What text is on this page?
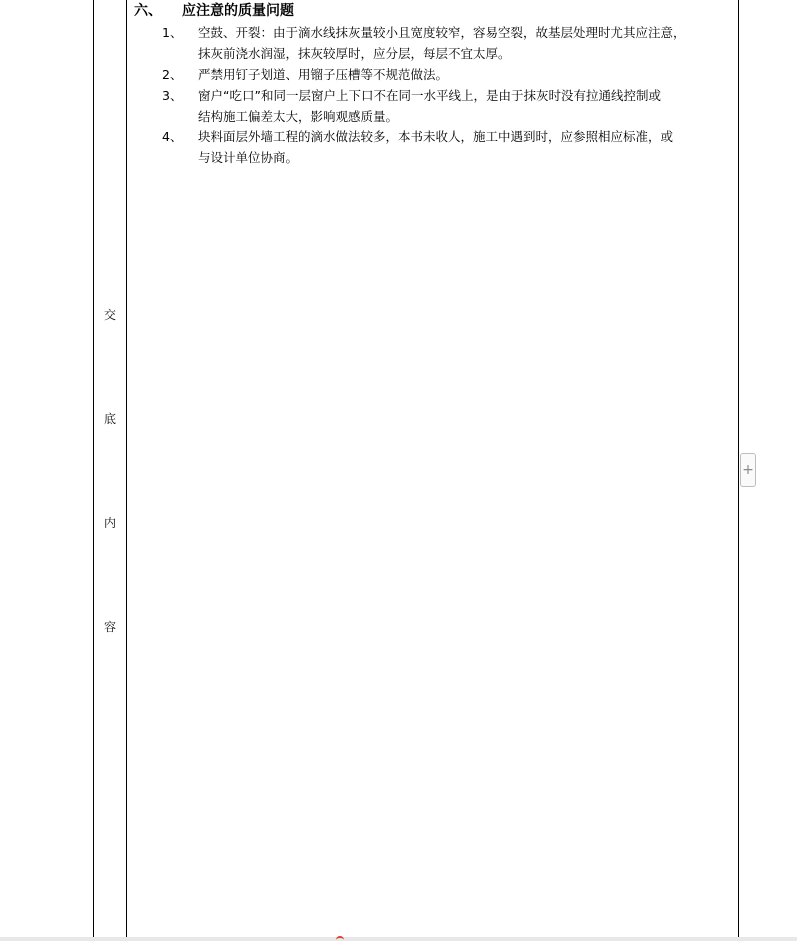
交
底
内
容
六、 应注意的质量问题
1、	空鼓、开裂：由于滴水线抹灰量较小且宽度较窄，容易空裂，故基层处理时尤其应注意，
抹灰前浇水润湿，抹灰较厚时，应分层，每层不宜太厚。
2、	严禁用钉子划道、用镏子压槽等不规范做法。
3、	窗户“吃口”和同一层窗户上下口不在同一水平线上，是由于抹灰时没有拉通线控制或
结构施工偏差太大，影响观感质量。
4、	块料面层外墙工程的滴水做法较多，本书未收人，施工中遇到时，应参照相应标准，或
与设计单位协商。
+
